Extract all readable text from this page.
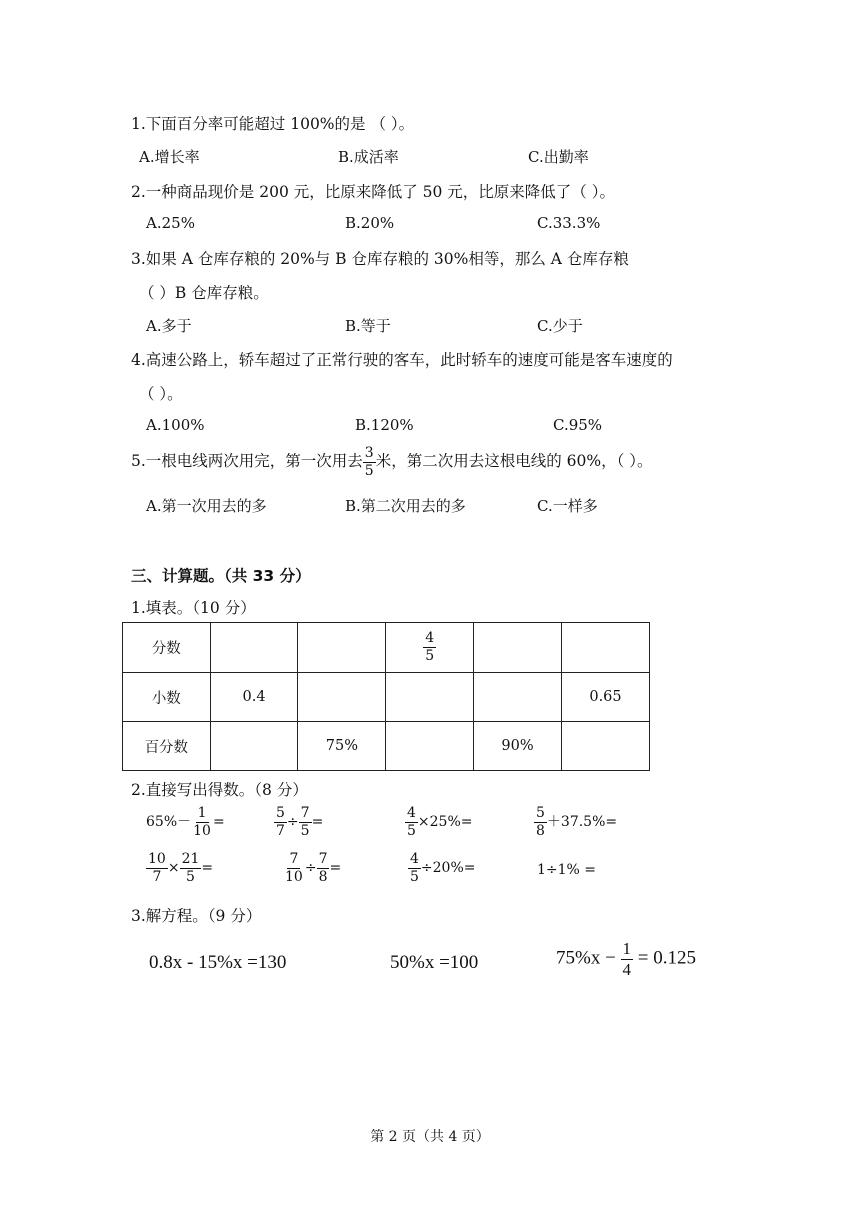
1.下面百分率可能超过 100%的是 （ ）。
A.增长率	B.成活率	C.出勤率
2.一种商品现价是 200 元，比原来降低了 50 元，比原来降低了（ ）。
A.25%	B.20%	C.33.3%
3.如果 A 仓库存粮的 20%与 B 仓库存粮的 30%相等，那么 A 仓库存粮
（ ）B 仓库存粮。
A.多于	B.等于	C.少于
4.高速公路上，轿车超过了正常行驶的客车，此时轿车的速度可能是客车速度的
（ ）。
A.100%	B.120%	C.95%
5.一根电线两次用完，第一次用去 $\frac{3}{5}$ 米，第二次用去这根电线的 60%，（ ）。
A.第一次用去的多	B.第二次用去的多	C.一样多
三、计算题。（共 33 分）
1.填表。（10 分）
分数			$\frac{4}{5}$

小数	0.4				0.65
百分数		75%		90%	
2.直接写出得数。（8 分）
$65\%- \frac{1}{10}$ =	$\frac{5}{7} \div \frac{7}{5}$ =	$\frac{4}{5} \times 25\%=$	$\frac{5}{8} +37.5\%=$
$\frac{10}{7} \times \frac{21}{5}$ =	$\frac{7}{10} \div \frac{7}{8}$ =	$\frac{4}{5} \div 20\%=$	1÷1% =
3.解方程。（9 分）
0.8x - 15%x =130	50%x =100	$75\%x - \frac{1}{4} = 0.125$
第 2 页（共 4 页）
